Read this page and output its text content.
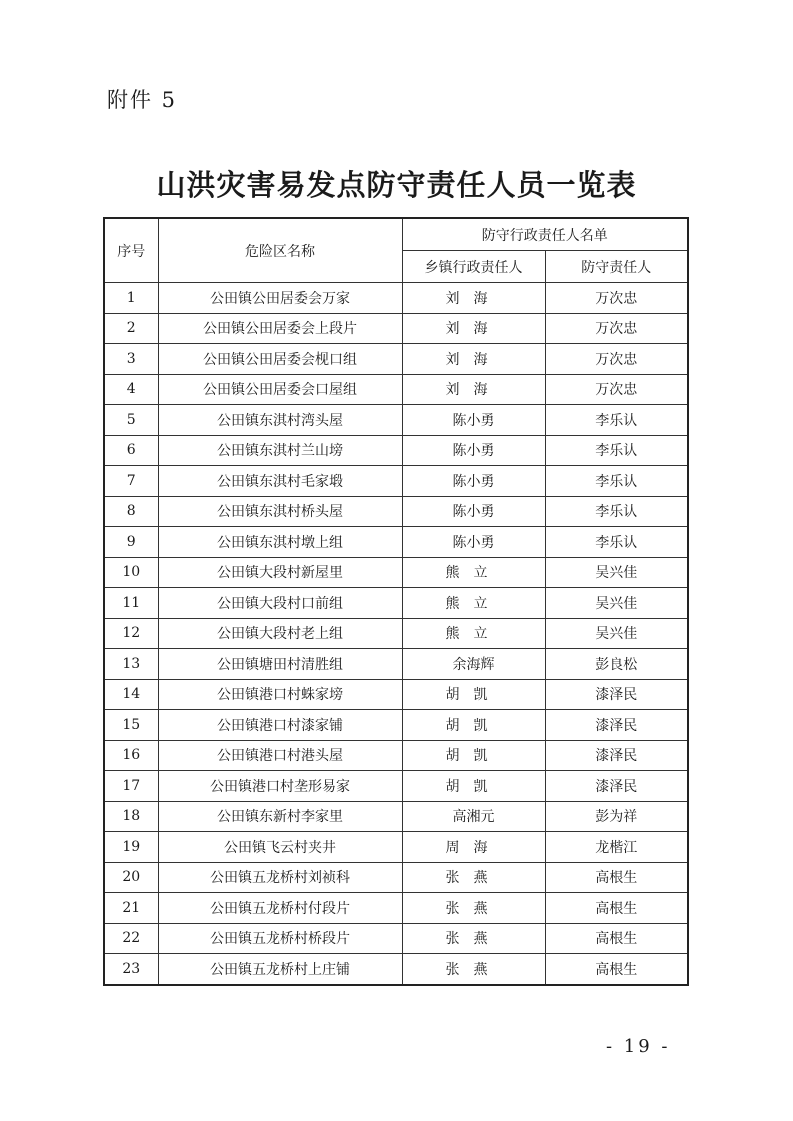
附件 5
山洪灾害易发点防守责任人员一览表
序号	危险区名称	防守行政责任人名单	
		乡镇行政责任人	防守责任人
1	公田镇公田居委会万家	刘海	万次忠
2	公田镇公田居委会上段片	刘海	万次忠
3	公田镇公田居委会枧口组	刘海	万次忠
4	公田镇公田居委会口屋组	刘海	万次忠
5	公田镇东淇村湾头屋	陈小勇	李乐认
6	公田镇东淇村兰山塝	陈小勇	李乐认
7	公田镇东淇村毛家塅	陈小勇	李乐认
8	公田镇东淇村桥头屋	陈小勇	李乐认
9	公田镇东淇村墩上组	陈小勇	李乐认
10	公田镇大段村新屋里	熊立	吴兴佳
11	公田镇大段村口前组	熊立	吴兴佳
12	公田镇大段村老上组	熊立	吴兴佳
13	公田镇塘田村清胜组	余海辉	彭良松
14	公田镇港口村蛛家塝	胡凯	漆泽民
15	公田镇港口村漆家铺	胡凯	漆泽民
16	公田镇港口村港头屋	胡凯	漆泽民
17	公田镇港口村垄形易家	胡凯	漆泽民
18	公田镇东新村李家里	高湘元	彭为祥
19	公田镇飞云村夹井	周海	龙楷江
20	公田镇五龙桥村刘祯科	张燕	高根生
21	公田镇五龙桥村付段片	张燕	高根生
22	公田镇五龙桥村桥段片	张燕	高根生
23	公田镇五龙桥村上庄铺	张燕	高根生
- 19 -
